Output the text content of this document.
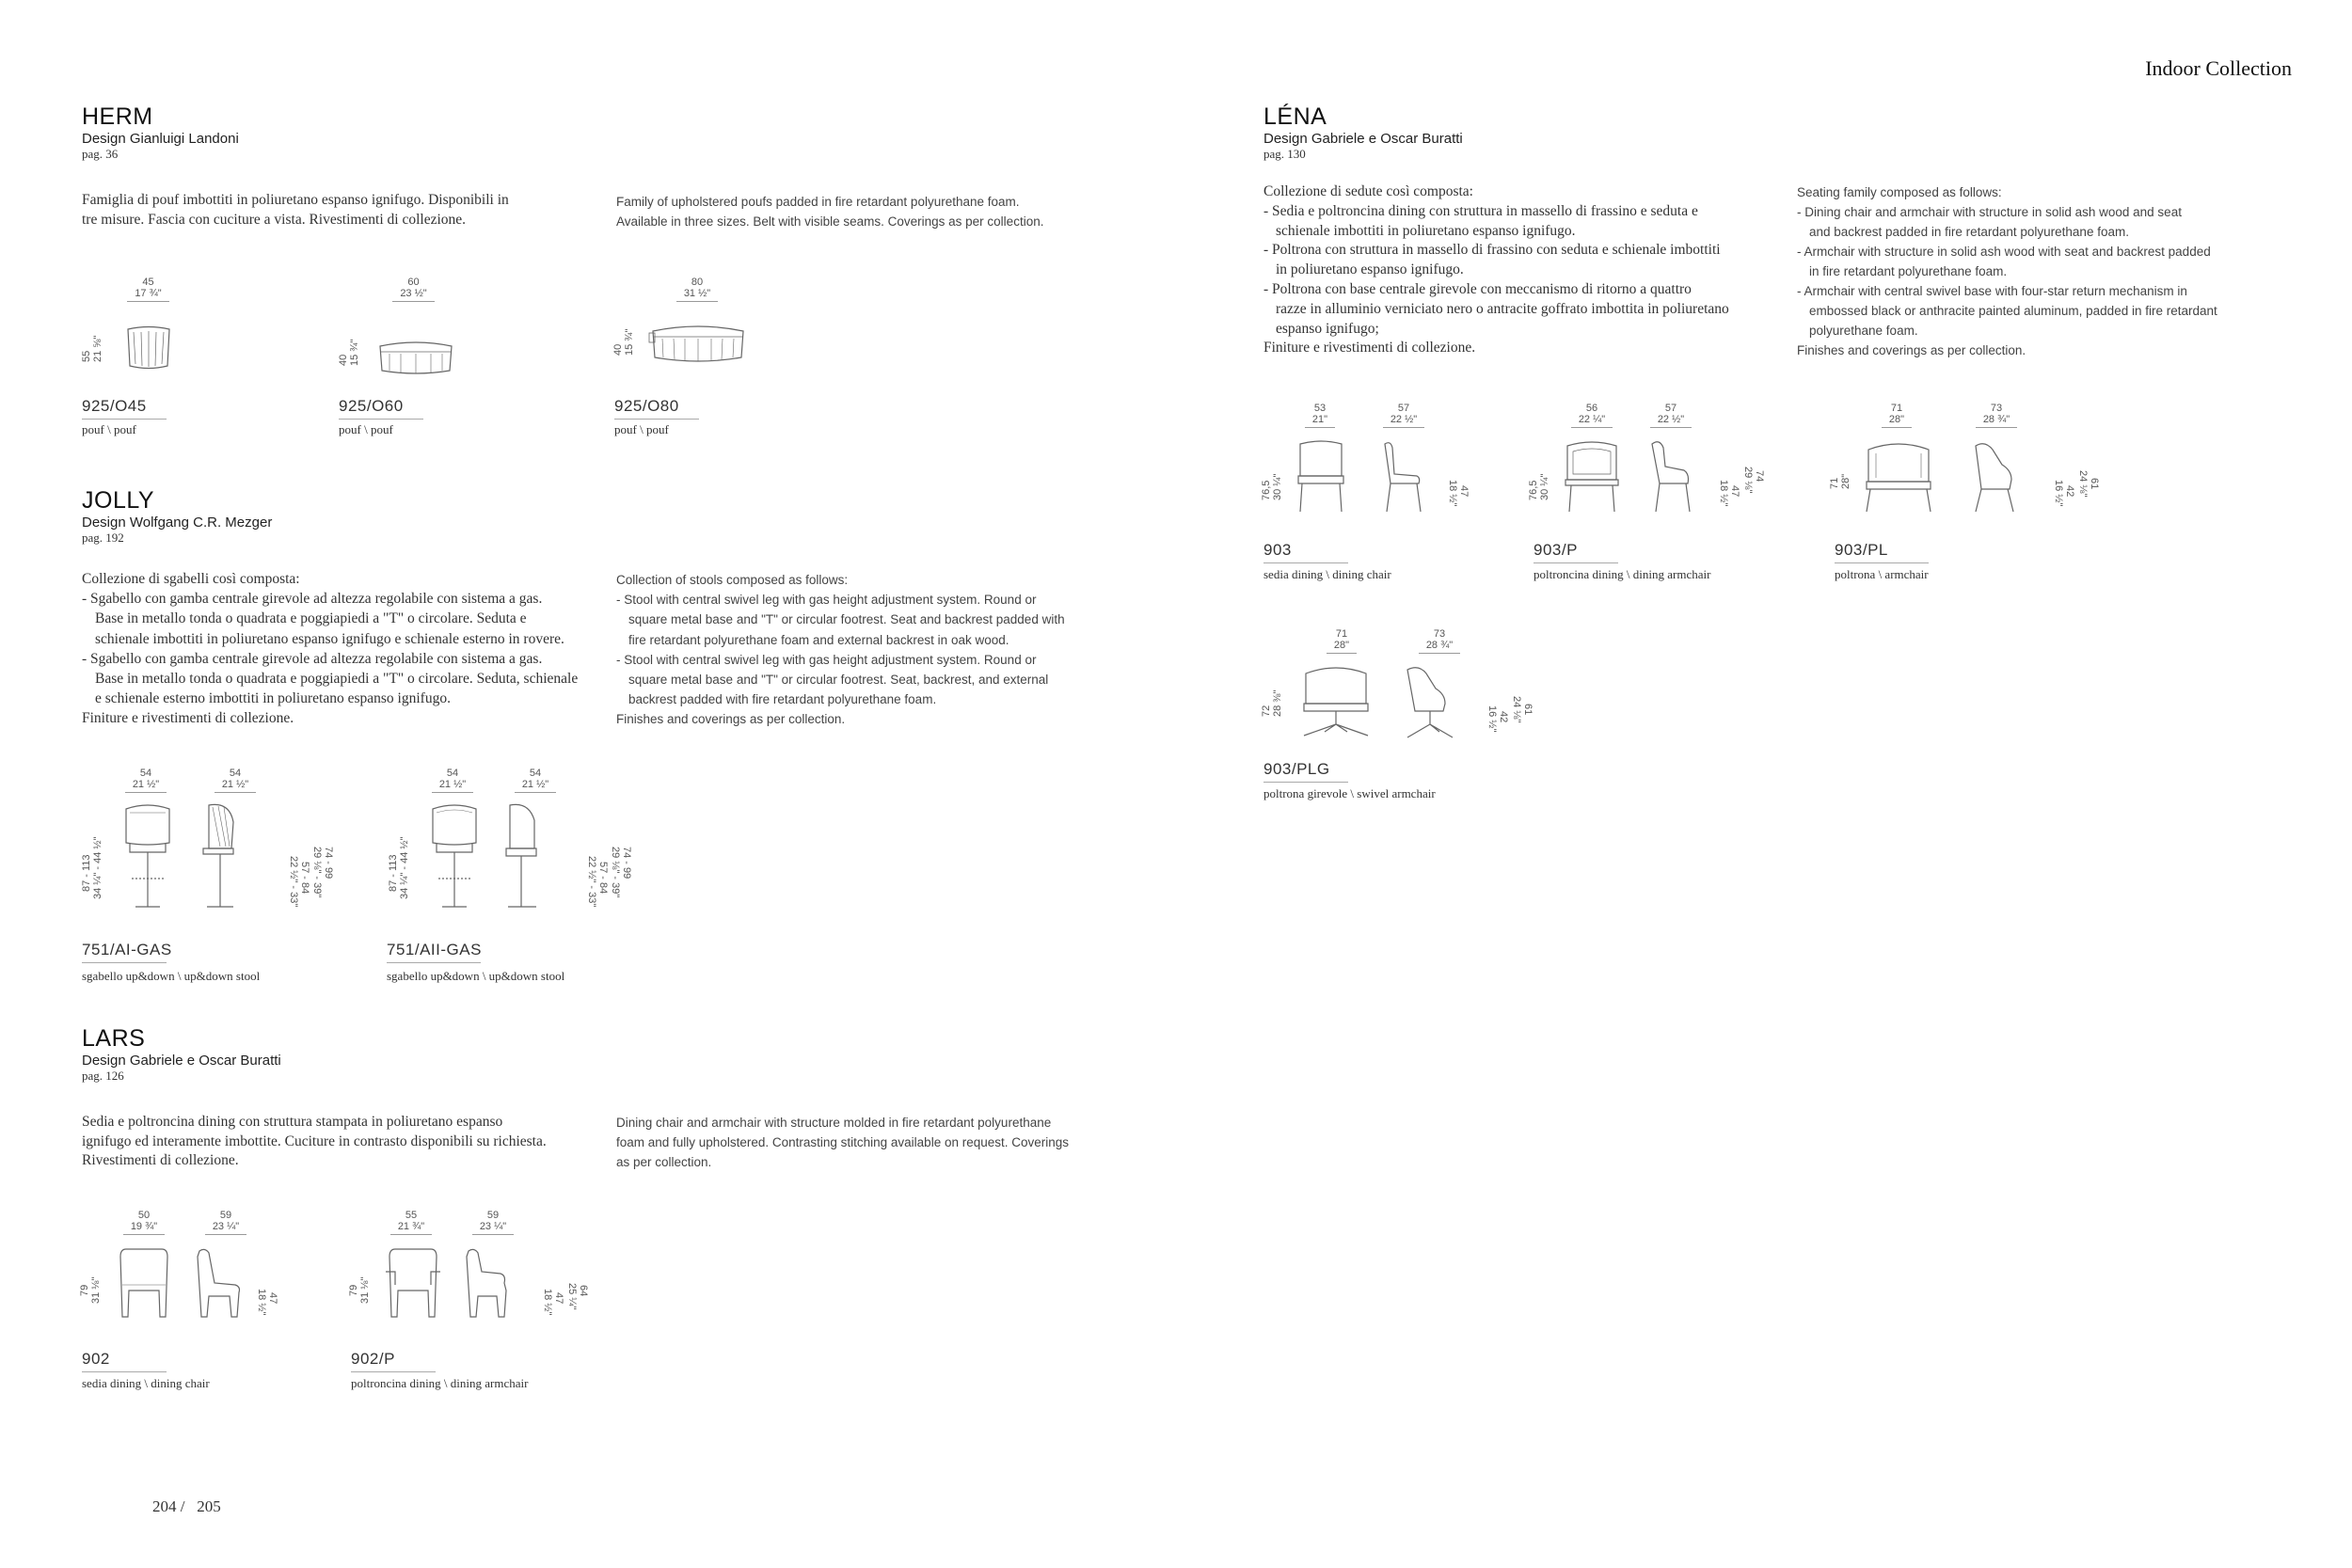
Indoor Collection
204 /   205
HERM
Design Gianluigi Landoni
pag. 36

Famiglia di pouf imbottiti in poliuretano espanso ignifugo. Disponibili in

tre misure. Fascia con cuciture a vista. Rivestimenti di collezione.

Family of upholstered poufs padded in fire retardant polyurethane foam.

Available in three sizes. Belt with visible seams. Coverings as per collection.

45
17 ¾"
55 21 ⅝"
925/O45
pouf \ pouf
60
23 ½"
40 15 ¾"
925/O60
pouf \ pouf
80
31 ½"
40 15 ¾"
925/O80
pouf \ pouf
JOLLY
Design Wolfgang C.R. Mezger
pag. 192

Collezione di sgabelli così composta:

- Sgabello con gamba centrale girevole ad altezza regolabile con sistema a gas.

Base in metallo tonda o quadrata e poggiapiedi a "T" o circolare. Seduta e

schienale imbottiti in poliuretano espanso ignifugo e schienale esterno in rovere.

- Sgabello con gamba centrale girevole ad altezza regolabile con sistema a gas.

Base in metallo tonda o quadrata e poggiapiedi a "T" o circolare. Seduta, schienale

e schienale esterno imbottiti in poliuretano espanso ignifugo.

Finiture e rivestimenti di collezione.

Collection of stools composed as follows:

- Stool with central swivel leg with gas height adjustment system. Round or

square metal base and "T" or circular footrest. Seat and backrest padded with

fire retardant polyurethane foam and external backrest in oak wood.

- Stool with central swivel leg with gas height adjustment system. Round or

square metal base and "T" or circular footrest. Seat, backrest, and external

backrest padded with fire retardant polyurethane foam.

Finishes and coverings as per collection.

54
21 ½"
54
21 ½"
87 - 113 34 ¼" - 44 ½"	74 - 99
29 ⅛" - 39"
57 - 84
22 ½" - 33"
751/AI-GAS
sgabello up&down \ up&down stool
54
21 ½"
54
21 ½"
87 - 113 34 ¼" - 44 ½"	74 - 99
29 ⅛" - 39"
57 - 84
22 ½" - 33"
751/AII-GAS
sgabello up&down \ up&down stool
LARS
Design Gabriele e Oscar Buratti
pag. 126

Sedia e poltroncina dining con struttura stampata in poliuretano espanso

ignifugo ed interamente imbottite. Cuciture in contrasto disponibili su richiesta.

Rivestimenti di collezione.

Dining chair and armchair with structure molded in fire retardant polyurethane

foam and fully upholstered. Contrasting stitching available on request. Coverings

as per collection.

50
19 ¾"
59
23 ¼"
79 31 ⅛"	47
18 ½"
902
sedia dining \ dining chair
55
21 ¾"
59
23 ¼"
79 31 ⅛"	64
25 ¼"
47
18 ½"
902/P
poltroncina dining \ dining armchair
LÉNA
Design Gabriele e Oscar Buratti
pag. 130

Collezione di sedute così composta:

- Sedia e poltroncina dining con struttura in massello di frassino e seduta e

schienale imbottiti in poliuretano espanso ignifugo.

- Poltrona con struttura in massello di frassino con seduta e schienale imbottiti

in poliuretano espanso ignifugo.

- Poltrona con base centrale girevole con meccanismo di ritorno a quattro

razze in alluminio verniciato nero o antracite goffrato imbottita in poliuretano

espanso ignifugo;

Finiture e rivestimenti di collezione.

Seating family composed as follows:

- Dining chair and armchair with structure in solid ash wood and seat

and backrest padded in fire retardant polyurethane foam.

- Armchair with structure in solid ash wood with seat and backrest padded

in fire retardant polyurethane foam.

- Armchair with central swivel base with four-star return mechanism in

embossed black or anthracite painted aluminum, padded in fire retardant

polyurethane foam.

Finishes and coverings as per collection.

53
21"
57
22 ½"
76,5 30 ¼"	47
18 ½"
903
sedia dining \ dining chair
56
22 ¼"
57
22 ½"
76,5 30 ¼"	74
29 ⅛"
47
18 ½"
903/P
poltroncina dining \ dining armchair
71
28"
73
28 ¾"
71 28"	61
24 ⅛"
42
16 ½"
903/PL
poltrona \ armchair
71
28"
73
28 ¾"
72 28 ⅜"	61
24 ⅛"
42
16 ½"
903/PLG
poltrona girevole \ swivel armchair
